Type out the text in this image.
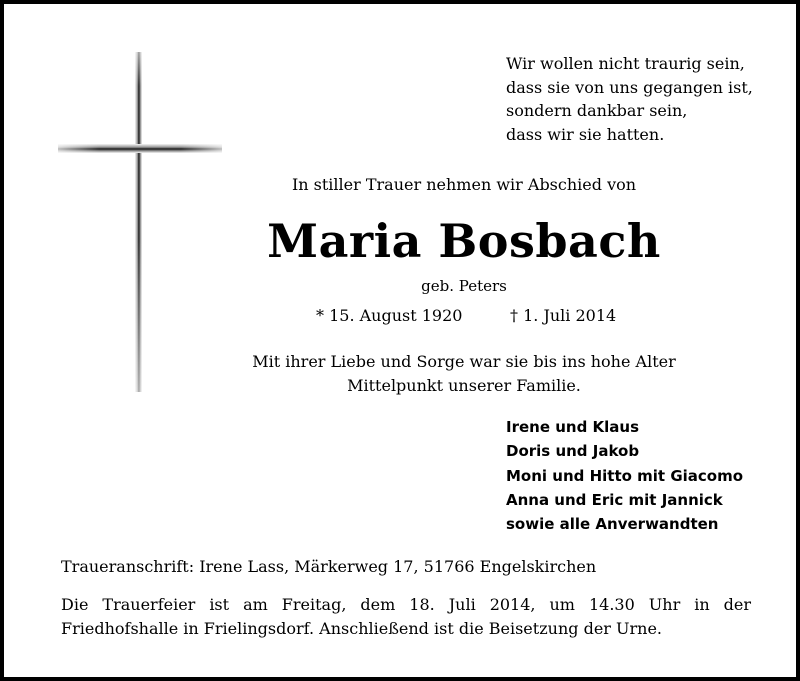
Wir wollen nicht traurig sein,
dass sie von uns gegangen ist,
sondern dankbar sein,
dass wir sie hatten.
In stiller Trauer nehmen wir Abschied von
Maria Bosbach
geb. Peters
* 15. August 1920	† 1. Juli 2014
Mit ihrer Liebe und Sorge war sie bis ins hohe Alter
Mittelpunkt unserer Familie.
Irene und Klaus
Doris und Jakob
Moni und Hitto mit Giacomo
Anna und Eric mit Jannick
sowie alle Anverwandten
Traueranschrift: Irene Lass, Märkerweg 17, 51766 Engelskirchen
Die Trauerfeier ist am Freitag, dem 18. Juli 2014, um 14.30 Uhr in der Friedhofshalle in Frielingsdorf. Anschließend ist die Beisetzung der Urne.
